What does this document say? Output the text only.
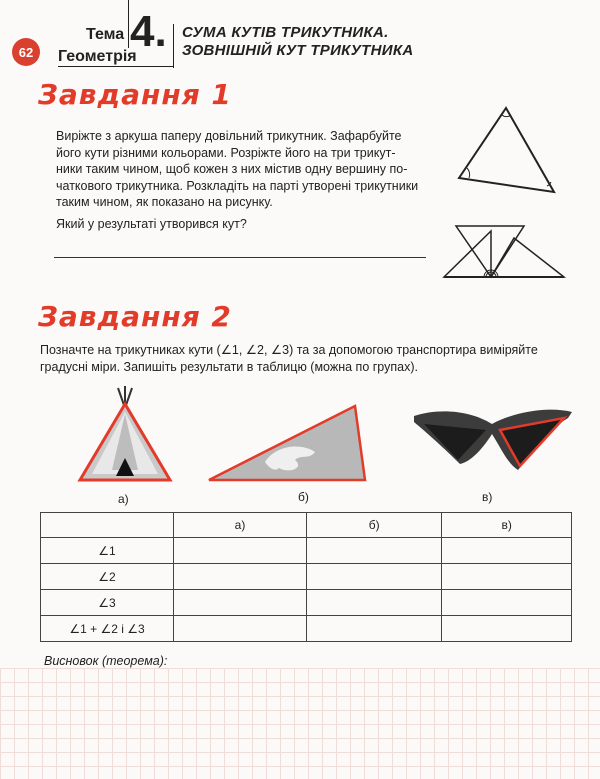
62
Тема 4.
Геометрія
СУМА КУТІВ ТРИКУТНИКА.
ЗОВНІШНІЙ КУТ ТРИКУТНИКА
Завдання 1
Виріжте з аркуша паперу довільний трикутник. Зафарбуйте
його кути різними кольорами. Розріжте його на три трикут-
ники таким чином, щоб кожен з них містив одну вершину по-
чаткового трикутника. Розкладіть на парті утворені трикутники
таким чином, як показано на рисунку.
Який у результаті утворився кут?
Завдання 2
Позначте на трикутниках кути (∠1, ∠2, ∠3) та за допомогою транспортира виміряйте
градусні міри. Запишіть результати в таблицю (можна по групах).
а)	б)	в)
	а)	б)	в)
∠1			
∠2			
∠3			
∠1 + ∠2 і ∠3			
Висновок (теорема):
